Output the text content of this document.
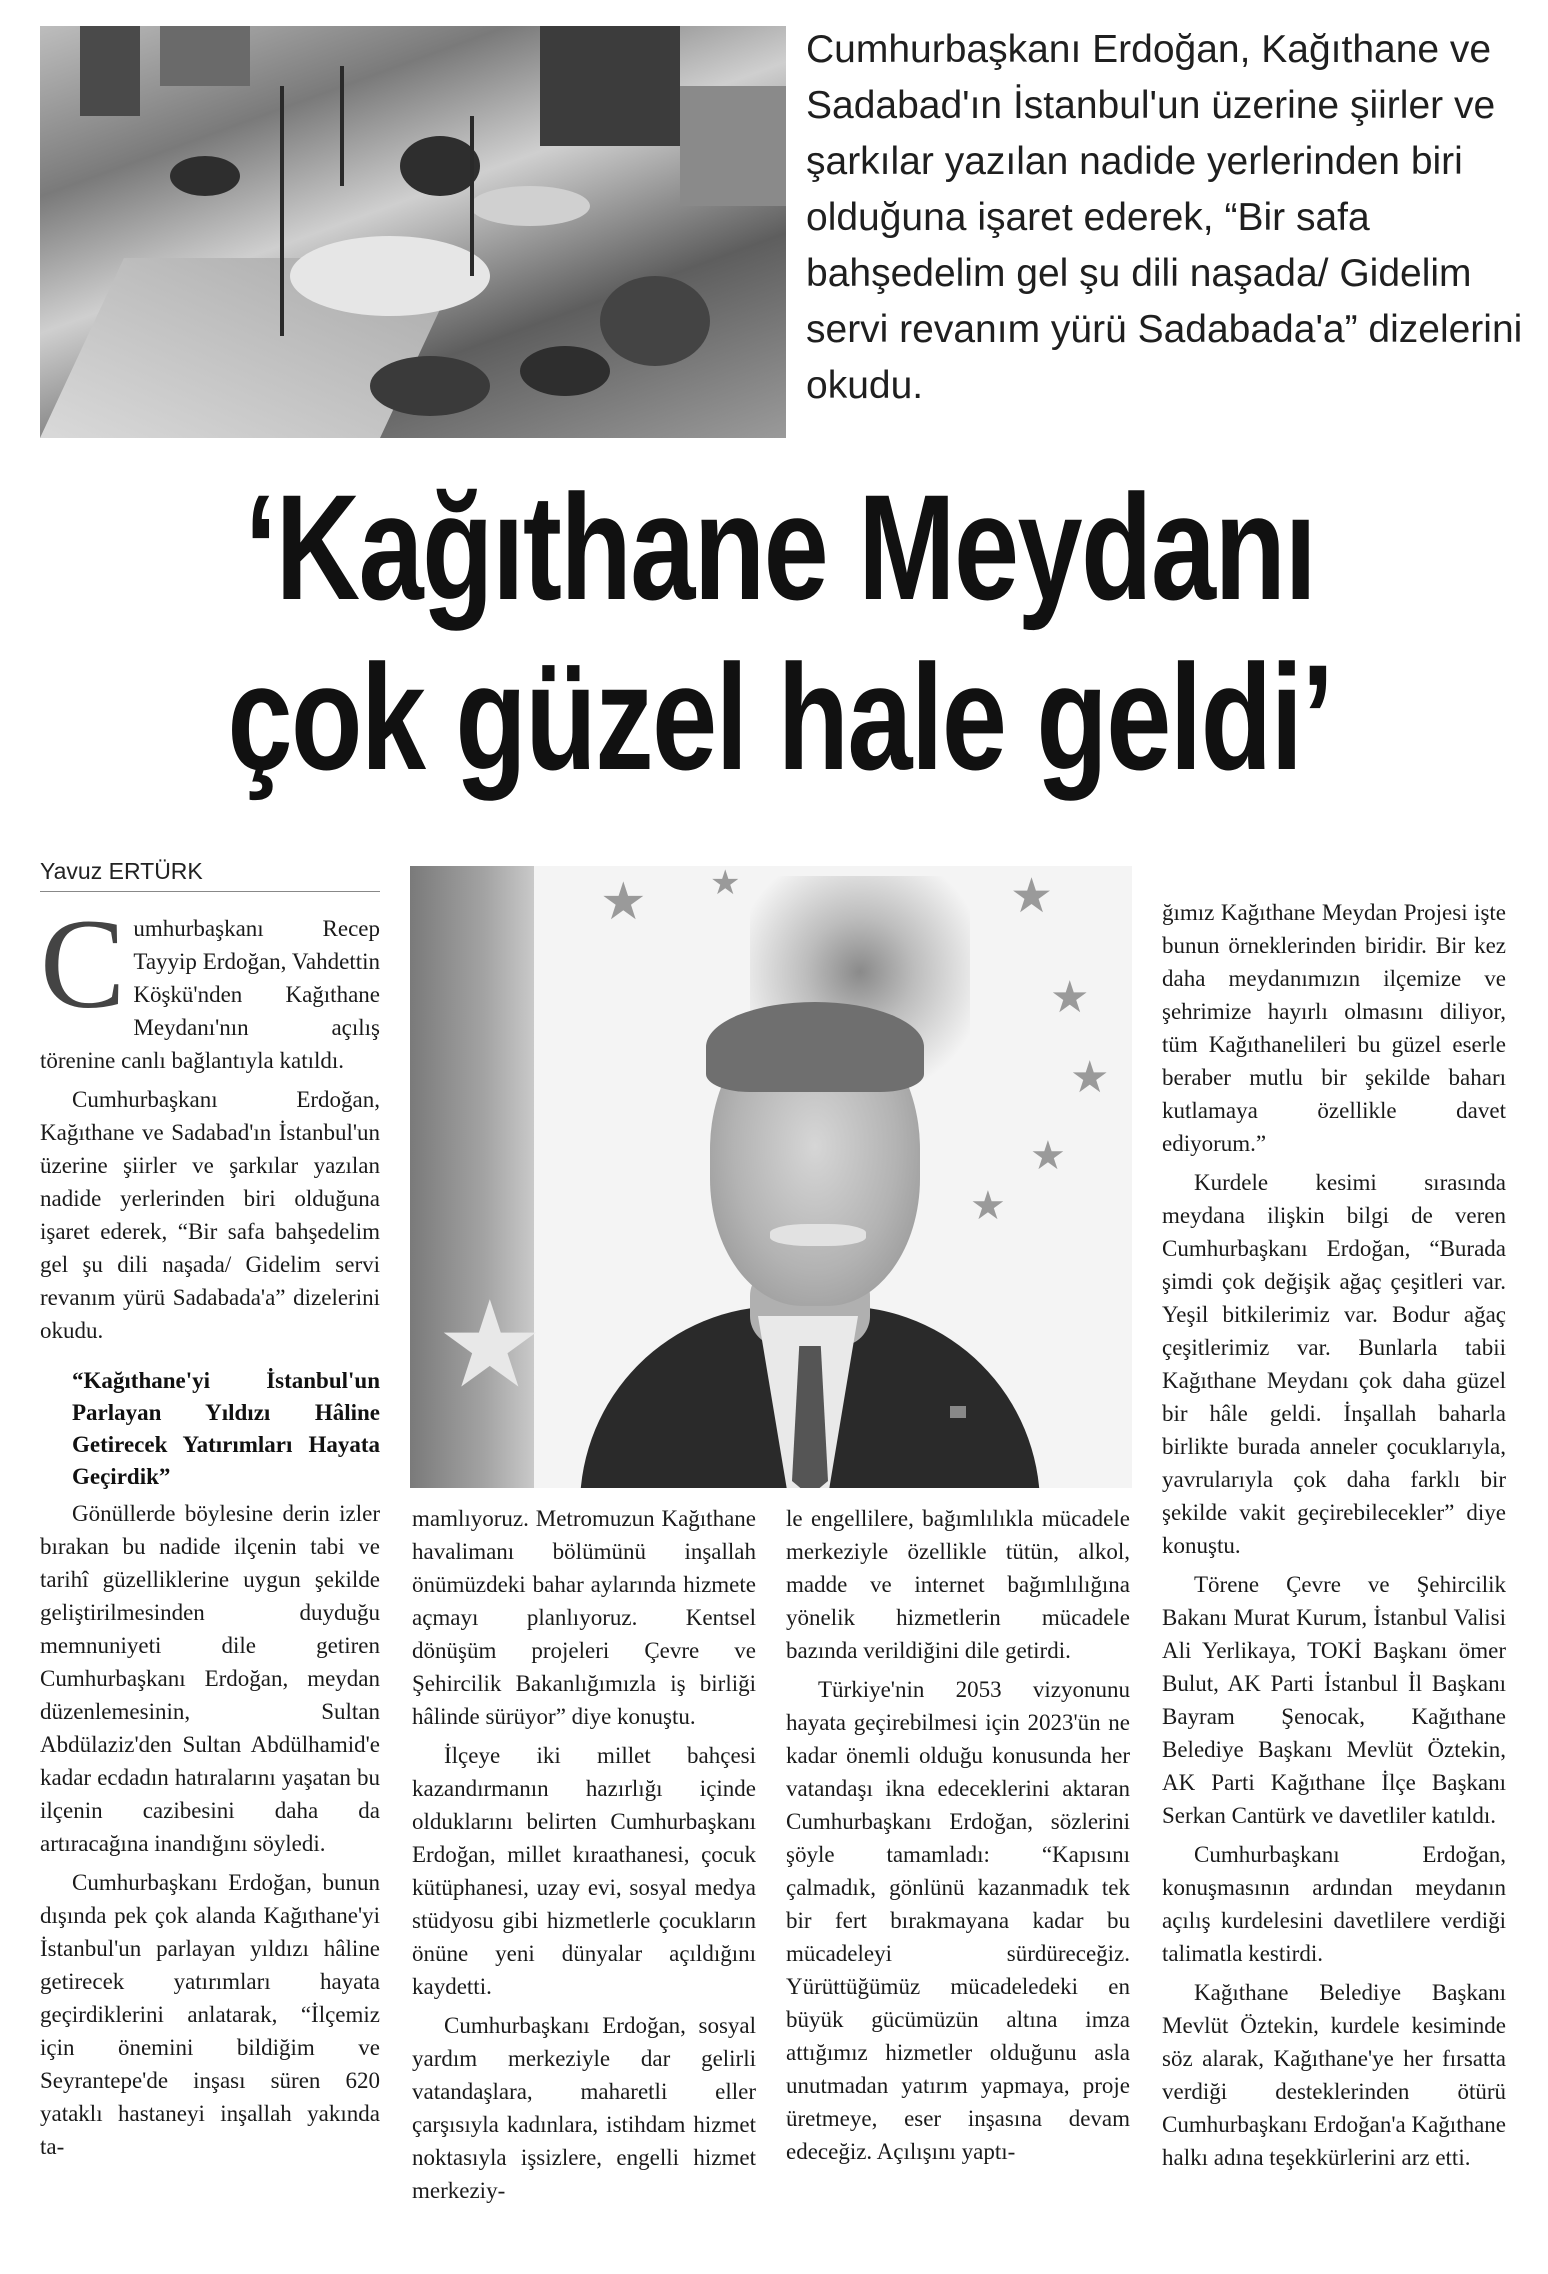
Cumhurbaşkanı Erdoğan, Kağıthane ve Sadabad'ın İstanbul'un üzerine şiirler ve şarkılar yazılan nadide yerlerinden biri olduğuna işaret ederek, “Bir safa bahşedelim gel şu dili naşada/ Gidelim servi revanım yürü Sadabada'a” dizelerini okudu.
‘Kağıthane Meydanı
çok güzel hale geldi’
Yavuz ERTÜRK
★
★ ★	★
★
★
★
★
C umhurbaşkanı Recep Tayyip Erdoğan, Vahdettin Köşkü'nden Kağıthane Meydanı'nın açılış törenine canlı bağlantıyla katıldı.

Cumhurbaşkanı Erdoğan, Kağıthane ve Sadabad'ın İstanbul'un üzerine şiirler ve şarkılar yazılan nadide yerlerinden biri olduğuna işaret ederek, “Bir safa bahşedelim gel şu dili naşada/ Gidelim servi revanım yürü Sadabada'a” dizelerini okudu.

“Kağıthane'yi İstanbul'un Parlayan Yıldızı Hâline Getirecek Yatırımları Hayata Geçirdik”

Gönüllerde böylesine derin izler bırakan bu nadide ilçenin tabi ve tarihî güzelliklerine uygun şekilde geliştirilmesinden duyduğu memnuniyeti dile getiren Cumhurbaşkanı Erdoğan, meydan düzenlemesinin, Sultan Abdülaziz'den Sultan Abdülhamid'e kadar ecdadın hatıralarını yaşatan bu ilçenin cazibesini daha da artıracağına inandığını söyledi.

Cumhurbaşkanı Erdoğan, bunun dışında pek çok alanda Kağıthane'yi İstanbul'un parlayan yıldızı hâline getirecek yatırımları hayata geçirdiklerini anlatarak, “İlçemiz için önemini bildiğim ve Seyrantepe'de inşası süren 620 yataklı hastaneyi inşallah yakında ta-

mamlıyoruz. Metromuzun Kağıthane havalimanı bölümünü inşallah önümüzdeki bahar aylarında hizmete açmayı planlıyoruz. Kentsel dönüşüm projeleri Çevre ve Şehircilik Bakanlığımızla iş birliği hâlinde sürüyor” diye konuştu.

İlçeye iki millet bahçesi kazandırmanın hazırlığı içinde olduklarını belirten Cumhurbaşkanı Erdoğan, millet kıraathanesi, çocuk kütüphanesi, uzay evi, sosyal medya stüdyosu gibi hizmetlerle çocukların önüne yeni dünyalar açıldığını kaydetti.

Cumhurbaşkanı Erdoğan, sosyal yardım merkeziyle dar gelirli vatandaşlara, maharetli eller çarşısıyla kadınlara, istihdam hizmet noktasıyla işsizlere, engelli hizmet merkeziy-

le engellilere, bağımlılıkla mücadele merkeziyle özellikle tütün, alkol, madde ve internet bağımlılığına yönelik hizmetlerin mücadele bazında verildiğini dile getirdi.

Türkiye'nin 2053 vizyonunu hayata geçirebilmesi için 2023'ün ne kadar önemli olduğu konusunda her vatandaşı ikna edeceklerini aktaran Cumhurbaşkanı Erdoğan, sözlerini şöyle tamamladı: “Kapısını çalmadık, gönlünü kazanmadık tek bir fert bırakmayana kadar bu mücadeleyi sürdüreceğiz. Yürüttüğümüz mücadeledeki en büyük gücümüzün altına imza attığımız hizmetler olduğunu asla unutmadan yatırım yapmaya, proje üretmeye, eser inşasına devam edeceğiz. Açılışını yaptı-

ğımız Kağıthane Meydan Projesi işte bunun örneklerinden biridir. Bir kez daha meydanımızın ilçemize ve şehrimize hayırlı olmasını diliyor, tüm Kağıthanelileri bu güzel eserle beraber mutlu bir şekilde baharı kutlamaya özellikle davet ediyorum.”

Kurdele kesimi sırasında meydana ilişkin bilgi de veren Cumhurbaşkanı Erdoğan, “Burada şimdi çok değişik ağaç çeşitleri var. Yeşil bitkilerimiz var. Bodur ağaç çeşitlerimiz var. Bunlarla tabii Kağıthane Meydanı çok daha güzel bir hâle geldi. İnşallah baharla birlikte burada anneler çocuklarıyla, yavrularıyla çok daha farklı bir şekilde vakit geçirebilecekler” diye konuştu.

Törene Çevre ve Şehircilik Bakanı Murat Kurum, İstanbul Valisi Ali Yerlikaya, TOKİ Başkanı ömer Bulut, AK Parti İstanbul İl Başkanı Bayram Şenocak, Kağıthane Belediye Başkanı Mevlüt Öztekin, AK Parti Kağıthane İlçe Başkanı Serkan Cantürk ve davetliler katıldı.

Cumhurbaşkanı Erdoğan, konuşmasının ardından meydanın açılış kurdelesini davetlilere verdiği talimatla kestirdi.

Kağıthane Belediye Başkanı Mevlüt Öztekin, kurdele kesiminde söz alarak, Kağıthane'ye her fırsatta verdiği desteklerinden ötürü Cumhurbaşkanı Erdoğan'a Kağıthane halkı adına teşekkürlerini arz etti.
